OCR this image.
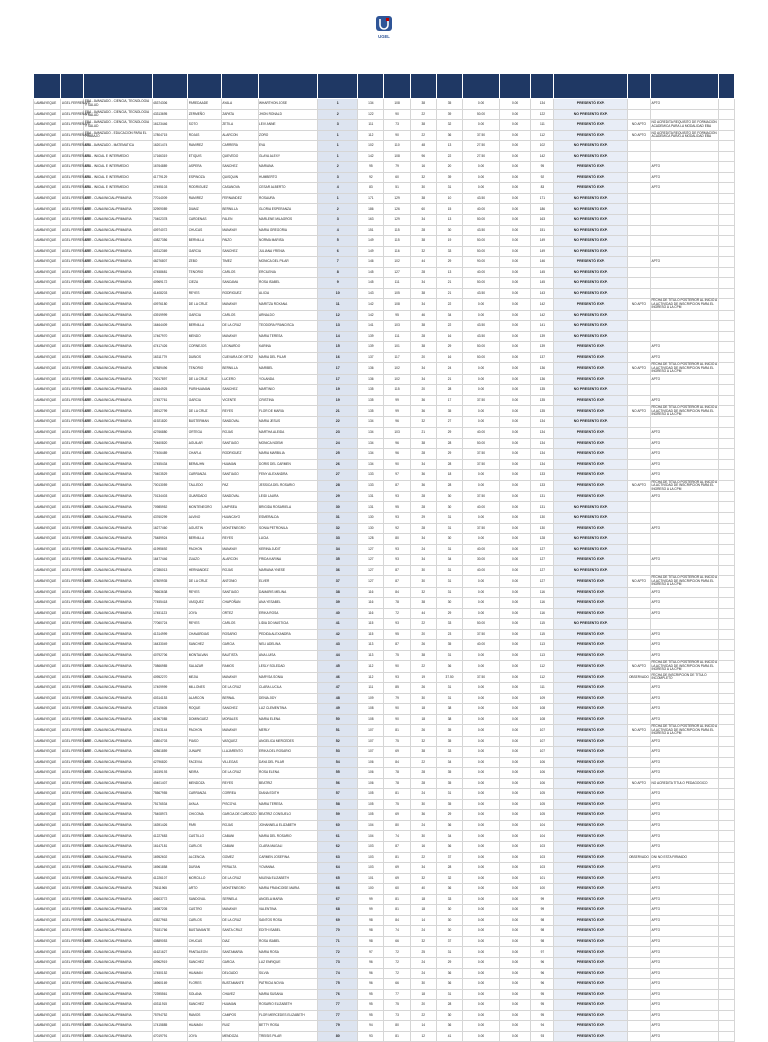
UGEL

LAMBAYEQUE	UGEL FERREÑAFE	EBA - AVANZADO - CIENCIA, TECNOLOGIA Y SALUD	45374306	PAREDAADE	AYALA	WHARTHON JOSE	1	134	108	38	35	0.00	0.00	134	PRESENTÓ EXP.		APTO	
LAMBAYEQUE	UGEL FERREÑAFE	EBA - AVANZADO - CIENCIA, TECNOLOGIA Y SALUD	43313695	ZERMEÑO	ZAPATA	JHON RONALD	2	122	90	22	39	50.00	0.00	122	NO PRESENTO EXP.			
LAMBAYEQUE	UGEL FERREÑAFE	EBA - AVANZADO - CIENCIA, TECNOLOGIA Y SALUD	16123446	SOTO	ZETILA	LEIV ANNE	3	111	73	38	32	0.00	0.00	111	PRESENTÓ EXP.	NO APTO	NO ACREDITA REQUISITO DE FORMACION ACADEMICA PARA LA MODALIDAD EBA	
LAMBAYEQUE	UGEL FERREÑAFE	EBA - AVANZADO - EDUCACION PARA EL TRABAJO	17804715	ROJAS	ALARCON	ZORO	1	112	90	22	36	37.50	0.00	112	PRESENTÓ EXP.	NO APTO	NO ACREDITA REQUISITO DE FORMACION ACADEMICA PARA LA MODALIDAD EBA	
LAMBAYEQUE	UGEL FERREÑAFE	EBA - AVANZADO - MATEMATICA	16201474	RAMIREZ	CARRERA	EVA	1	102	110	48	13	27.50	0.00	102	NO PRESENTO EXP.			
LAMBAYEQUE	UGEL FERREÑAFE	EBA - INICIAL E INTERMEDIO	17166319	ETIQUIS	QUEVEDO	GLAYA ALEXY	1	142	108	96	22	27.50	0.00	142	NO PRESENTO EXP.			
LAMBAYEQUE	UGEL FERREÑAFE	EBA - INICIAL E INTERMEDIO	16764889	ASPERA	SANCHEZ	MARIANA	2	95	79	16	20	0.00	0.00	95	PRESENTÓ EXP.		APTO	
LAMBAYEQUE	UGEL FERREÑAFE	EBA - INICIAL E INTERMEDIO	41779129	ESPINOZA	QUISQUIN	HUMBERTO	3	92	60	32	39	0.00	0.00	92	PRESENTÓ EXP.		APTO	
LAMBAYEQUE	UGEL FERREÑAFE	EBA - INICIAL E INTERMEDIO	17495103	RODRIGUEZ	CASANOVA	CESAR ALBERTO	4	83	51	30	31	0.00	0.00	83	PRESENTÓ EXP.		APTO	
LAMBAYEQUE	UGEL FERREÑAFE	EBR - CUNA/INICIAL/PRIMARIA	77014009	RAMIREZ	FERNANDEZ	ROSAURA	1	171	129	38	10	43.50	0.00	171	NO PRESENTO EXP.			
LAMBAYEQUE	UGEL FERREÑAFE	EBR - CUNA/INICIAL/PRIMARIA	32909089	DIAMZ	BERNILLA	GLORIA ESPERANZA	2	186	126	60	15	40.00	0.00	186	NO PRESENTO EXP.			
LAMBAYEQUE	UGEL FERREÑAFE	EBR - CUNA/INICIAL/PRIMARIA	70402378	CARDENAS	FALEN	MARLENE MILAGROS	3	163	129	34	13	50.00	0.00	163	NO PRESENTO EXP.			
LAMBAYEQUE	UGEL FERREÑAFE	EBR - CUNA/INICIAL/PRIMARIA	40974072	CHUCAS	MANAYAY	MARIA GREGORIA	4	151	115	28	30	43.50	0.00	151	NO PRESENTO EXP.			
LAMBAYEQUE	UGEL FERREÑAFE	EBR - CUNA/INICIAL/PRIMARIA	40827356	BERNILLA	PAIZO	NORMA MARISA	5	149	115	38	19	50.00	0.00	149	NO PRESENTO EXP.			
LAMBAYEQUE	UGEL FERREÑAFE	EBR - CUNA/INICIAL/PRIMARIA	40312369	GARCIA	SANCHEZ	JULIANA YRENIA	6	149	116	32	33	50.00	0.00	149	NO PRESENTO EXP.			
LAMBAYEQUE	UGEL FERREÑAFE	EBR - CUNA/INICIAL/PRIMARIA	46276807	ZEBO	TIMEZ	MONICA DEL PILAR	7	146	102	44	29	90.00	0.00	146	PRESENTÓ EXP.		APTO	
LAMBAYEQUE	UGEL FERREÑAFE	EBR - CUNA/INICIAL/PRIMARIA	47458681	TENORIO	CARLOS	ERCILENIA	8	145	127	28	13	40.00	0.00	145	NO PRESENTO EXP.			
LAMBAYEQUE	UGEL FERREÑAFE	EBR - CUNA/INICIAL/PRIMARIA	40969172	CIEZA	SANCAMA	ROSA ISABEL	9	145	111	34	21	50.00	0.00	145	NO PRESENTO EXP.			
LAMBAYEQUE	UGEL FERREÑAFE	EBR - CUNA/INICIAL/PRIMARIA	41408203	REYES	RODRIGUEZ	ALICIA	10	143	105	38	21	43.50	0.00	143	NO PRESENTO EXP.			
LAMBAYEQUE	UGEL FERREÑAFE	EBR - CUNA/INICIAL/PRIMARIA	40976180	DE LA CRUZ	MANAYAY	MARITZA ROXANA	11	142	108	34	22	0.00	0.00	142	PRESENTÓ EXP.	NO APTO	FECHA DE TITULO POSTERIOR AL INICIO A LA ACTIVIDAD DE INSCRIPCION PARA EL INGRESO A LA CPM	
LAMBAYEQUE	UGEL FERREÑAFE	EBR - CUNA/INICIAL/PRIMARIA	43919999	GARCIA	CARLOS	ARNALDO	12	142	95	46	34	0.00	0.00	142	NO PRESENTO EXP.			
LAMBAYEQUE	UGEL FERREÑAFE	EBR - CUNA/INICIAL/PRIMARIA	16464409	BERNILLA	DE LA CRUZ	TEODORA FRANCISCA	13	141	103	38	22	43.50	0.00	141	NO PRESENTO EXP.			
LAMBAYEQUE	UGEL FERREÑAFE	EBR - CUNA/INICIAL/PRIMARIA	17467970	MENDO	MANAYAY	MARIA TERESA	14	139	111	28	16	43.50	0.00	139	NO PRESENTO EXP.			
LAMBAYEQUE	UGEL FERREÑAFE	EBR - CUNA/INICIAL/PRIMARIA	47417426	CORNEJOS	LEONARDO	KARINA	15	139	101	38	29	50.00	0.00	139	PRESENTÓ EXP.		APTO	
LAMBAYEQUE	UGEL FERREÑAFE	EBR - CUNA/INICIAL/PRIMARIA	16311779	DUBIOS	CUEVARA DE ORTIZ	MARIA DEL PILAR	16	137	117	20	16	50.00	0.00	137	PRESENTÓ EXP.		APTO	
LAMBAYEQUE	UGEL FERREÑAFE	EBR - CUNA/INICIAL/PRIMARIA	67889496	TENORIO	BERNILLA	MARIBEL	17	136	102	34	24	0.00	0.00	136	PRESENTÓ EXP.	NO APTO	FECHA DE TITULO POSTERIOR AL INICIO A LA ACTIVIDAD DE INSCRIPCION PARA EL INGRESO A LA CPM	
LAMBAYEQUE	UGEL FERREÑAFE	EBR - CUNA/INICIAL/PRIMARIA	70017897	DE LA CRUZ	LUCERO	YOLANDA	17	136	102	34	21	0.00	0.00	136	PRESENTÓ EXP.		APTO	
LAMBAYEQUE	UGEL FERREÑAFE	EBR - CUNA/INICIAL/PRIMARIA	40464925	PURIHUAMAN	SANCHEZ	MARTINIO	19	135	115	20	28	0.00	0.00	135	NO PRESENTO EXP.			
LAMBAYEQUE	UGEL FERREÑAFE	EBR - CUNA/INICIAL/PRIMARIA	17457761	GARCIA	VICENTE	CRISTINA	19	135	99	36	17	37.50	0.00	135	PRESENTÓ EXP.		APTO	
LAMBAYEQUE	UGEL FERREÑAFE	EBR - CUNA/INICIAL/PRIMARIA	15912799	DE LA CRUZ	REYES	FLOR DE MARIA	21	135	99	36	35	0.00	0.00	135	PRESENTÓ EXP.	NO APTO	FECHA DE TITULO POSTERIOR AL INICIO A LA ACTIVIDAD DE INSCRIPCION PARA EL INGRESO A LA CPM	
LAMBAYEQUE	UGEL FERREÑAFE	EBR - CUNA/INICIAL/PRIMARIA	41921820	BUSTERMAN	SANDOVAL	MARIA JESUS	22	134	96	32	27	0.00	0.00	134	NO PRESENTO EXP.			
LAMBAYEQUE	UGEL FERREÑAFE	EBR - CUNA/INICIAL/PRIMARIA	42766880	ORTEGA	ROJAS	MARTHA ALEIDA	23	134	103	21	29	40.00	0.00	134	PRESENTÓ EXP.		APTO	
LAMBAYEQUE	UGEL FERREÑAFE	EBR - CUNA/INICIAL/PRIMARIA	72460820	AGUILAR	SANTIAGO	MONICA NOEMI	24	134	96	38	28	50.00	0.00	134	PRESENTÓ EXP.		APTO	
LAMBAYEQUE	UGEL FERREÑAFE	EBR - CUNA/INICIAL/PRIMARIA	77406489	CHAFLA	RODRIGUEZ	MARIA MARBILIA	25	134	96	28	29	37.50	0.00	134	PRESENTÓ EXP.		APTO	
LAMBAYEQUE	UGEL FERREÑAFE	EBR - CUNA/INICIAL/PRIMARIA	17455434	BERAUHN	HUAMAN	DORIS DEL CARMEN	26	134	90	34	28	37.50	0.00	134	PRESENTÓ EXP.		APTO	
LAMBAYEQUE	UGEL FERREÑAFE	EBR - CUNA/INICIAL/PRIMARIA	70403529	CARRANZA	SANTIAGO	FENY ALEXANDRA	27	133	97	36	18	0.00	0.00	133	PRESENTÓ EXP.		APTO	
LAMBAYEQUE	UGEL FERREÑAFE	EBR - CUNA/INICIAL/PRIMARIA	70013059	TALLEDO	PAZ	JESSICA DEL ROSARIO	28	133	87	36	28	0.00	0.00	133	PRESENTÓ EXP.	NO APTO	FECHA DE TITULO POSTERIOR AL INICIO A LA ACTIVIDAD DE INSCRIPCION PARA EL INGRESO A LA CPM	
LAMBAYEQUE	UGEL FERREÑAFE	EBR - CUNA/INICIAL/PRIMARIA	70134403	GUARDADO	SANDOVAL	LEIDI LAURA	29	131	93	28	30	37.50	0.00	131	PRESENTÓ EXP.		APTO	
LAMBAYEQUE	UGEL FERREÑAFE	EBR - CUNA/INICIAL/PRIMARIA	70985952	MONTENEGRO	LIMPISEA	BRIGIDA ROSARIELA	30	131	95	28	30	40.00	0.00	131	NO PRESENTO EXP.			
LAMBAYEQUE	UGEL FERREÑAFE	EBR - CUNA/INICIAL/PRIMARIA	43760299	ALVINO	HUANCAYO	ESMERALDA	31	130	93	29	31	0.00	0.00	130	NO PRESENTO EXP.			
LAMBAYEQUE	UGEL FERREÑAFE	EBR - CUNA/INICIAL/PRIMARIA	16277460	AGUSTIN	MONTENEGRO	SONIA PETRONILA	32	130	92	28	31	37.50	0.00	130	PRESENTÓ EXP.		APTO	
LAMBAYEQUE	UGEL FERREÑAFE	EBR - CUNA/INICIAL/PRIMARIA	75489924	BERNILLA	REYES	LUCIA	33	128	80	34	30	0.00	0.00	128	NO PRESENTO EXP.			
LAMBAYEQUE	UGEL FERREÑAFE	EBR - CUNA/INICIAL/PRIMARIA	41995692	PACHON	MANAYAY	KERINA JUDIT	34	127	93	24	31	40.00	0.00	127	NO PRESENTO EXP.			
LAMBAYEQUE	UGEL FERREÑAFE	EBR - CUNA/INICIAL/PRIMARIA	16477446	ZUAZO	ALARCON	FRIDA KARINA	35	127	93	34	34	30.00	0.00	127	PRESENTÓ EXP.		APTO	
LAMBAYEQUE	UGEL FERREÑAFE	EBR - CUNA/INICIAL/PRIMARIA	47286013	HERNANDEZ	ROJAS	MARIANA YNESE	36	127	87	30	31	40.00	0.00	127	NO PRESENTO EXP.			
LAMBAYEQUE	UGEL FERREÑAFE	EBR - CUNA/INICIAL/PRIMARIA	47809935	DE LA CRUZ	ANTONIO	ELVER	37	127	87	30	31	0.00	0.00	127	PRESENTÓ EXP.	NO APTO	FECHA DE TITULO POSTERIOR AL INICIO A LA ACTIVIDAD DE INSCRIPCION PARA EL INGRESO A LA CPM	
LAMBAYEQUE	UGEL FERREÑAFE	EBR - CUNA/INICIAL/PRIMARIA	75663638	REYES	SANTIAGO	DAMARIS MELINA	38	116	84	32	31	0.00	0.00	116	PRESENTÓ EXP.		APTO	
LAMBAYEQUE	UGEL FERREÑAFE	EBR - CUNA/INICIAL/PRIMARIA	77455418	VASQUEZ	CHAPOÑAN	ANA YESABEL	39	116	78	38	30	0.00	0.00	116	PRESENTÓ EXP.		APTO	
LAMBAYEQUE	UGEL FERREÑAFE	EBR - CUNA/INICIAL/PRIMARIA	17451123	JOYA	ORTEZ	ERIKA ROSA	40	116	72	44	29	0.00	0.00	116	PRESENTÓ EXP.		APTO	
LAMBAYEQUE	UGEL FERREÑAFE	EBR - CUNA/INICIAL/PRIMARIA	77060724	REYES	CARLOS	LIDIA DO MASTICIA	41	115	93	22	33	50.00	0.00	115	NO PRESENTO EXP.			
LAMBAYEQUE	UGEL FERREÑAFE	EBR - CUNA/INICIAL/PRIMARIA	41314999	CHAVARDIAS	ROSARIO	PEDIDA ALEXANDRA	42	115	95	20	23	37.50	0.00	115	PRESENTÓ EXP.		APTO	
LAMBAYEQUE	UGEL FERREÑAFE	EBR - CUNA/INICIAL/PRIMARIA	16433049	SANCHEZ	GARCIA	NELI ADELINA	43	113	87	26	35	40.00	0.00	113	PRESENTÓ EXP.		APTO	
LAMBAYEQUE	UGEL FERREÑAFE	EBR - CUNA/INICIAL/PRIMARIA	40792706	MONTALVAN	BAUTISTA	ANA LUISA	44	113	75	38	31	0.00	0.00	113	PRESENTÓ EXP.		APTO	
LAMBAYEQUE	UGEL FERREÑAFE	EBR - CUNA/INICIAL/PRIMARIA	70866985	SALAZAR	RAMOS	LESLY SOLEDAD	45	112	90	22	36	0.00	0.00	112	PRESENTÓ EXP.	NO APTO	FECHA DE TITULO POSTERIOR AL INICIO A LA ACTIVIDAD DE INSCRIPCION PARA EL INGRESO A LA CPM	
LAMBAYEQUE	UGEL FERREÑAFE	EBR - CUNA/INICIAL/PRIMARIA	40952270	MEJIA	MANAYAY	MARYSA SONIA	46	112	93	19	37.50	37.50	0.00	112	PRESENTÓ EXP.	OBSERVADO	FECHA DE INSCRIPCION DE TITULO INCOMPLETO	
LAMBAYEQUE	UGEL FERREÑAFE	EBR - CUNA/INICIAL/PRIMARIA	17409999	MILLONES	DE LA CRUZ	CLARA LUCILA	47	111	85	26	31	0.00	0.00	111	PRESENTÓ EXP.		APTO	
LAMBAYEQUE	UGEL FERREÑAFE	EBR - CUNA/INICIAL/PRIMARIA	40314153	ALARCON	BERNAL	DENIA JIDY	48	109	79	30	31	0.00	0.00	109	PRESENTÓ EXP.		APTO	
LAMBAYEQUE	UGEL FERREÑAFE	EBR - CUNA/INICIAL/PRIMARIA	47315605	ROQUE	SANCHEZ	LUZ CLEMENTINA	49	108	90	18	38	0.00	0.00	108	PRESENTÓ EXP.		APTO	
LAMBAYEQUE	UGEL FERREÑAFE	EBR - CUNA/INICIAL/PRIMARIA	41967085	DOMINGUEZ	MORALES	MARIA ELENA	50	108	90	18	38	0.00	0.00	108	PRESENTÓ EXP.		APTO	
LAMBAYEQUE	UGEL FERREÑAFE	EBR - CUNA/INICIAL/PRIMARIA	17463144	PACHON	MANAYAY	MERLY	51	107	81	26	35	0.00	0.00	107	PRESENTÓ EXP.	NO APTO	FECHA DE TITULO POSTERIOR AL INICIO A LA ACTIVIDAD DE INSCRIPCION PARA EL INGRESO A LA CPM	
LAMBAYEQUE	UGEL FERREÑAFE	EBR - CUNA/INICIAL/PRIMARIA	43804703	PIASO	VASQUEZ	ANGELICA MERCEDES	52	107	75	32	35	0.00	0.00	107	PRESENTÓ EXP.		APTO	
LAMBAYEQUE	UGEL FERREÑAFE	EBR - CUNA/INICIAL/PRIMARIA	42861859	JUNAPE	LLAJARENTO	ERIKA DEL ROSARIO	53	107	69	38	33	0.00	0.00	107	PRESENTÓ EXP.		APTO	
LAMBAYEQUE	UGEL FERREÑAFE	EBR - CUNA/INICIAL/PRIMARIA	42796820	FACEVIA	VILLEGAS	DAYA DEL PILAR	54	106	84	22	34	0.00	0.00	106	PRESENTÓ EXP.		APTO	
LAMBAYEQUE	UGEL FERREÑAFE	EBR - CUNA/INICIAL/PRIMARIA	16159193	NEIRA	DE LA CRUZ	ROSA ELENA	55	106	78	28	35	0.00	0.00	106	PRESENTÓ EXP.		APTO	
LAMBAYEQUE	UGEL FERREÑAFE	EBR - CUNA/INICIAL/PRIMARIA	40401407	MENDOZA	REYES	BEATRIZ	56	106	78	28	35	0.00	0.00	106	PRESENTÓ EXP.	NO APTO	NO ACREDITA TITULO PEDAGOGICO	
LAMBAYEQUE	UGEL FERREÑAFE	EBR - CUNA/INICIAL/PRIMARIA	75567955	CARRANZA	CORREA	DIANA EDITH	57	105	81	24	31	0.00	0.00	105	PRESENTÓ EXP.		APTO	
LAMBAYEQUE	UGEL FERREÑAFE	EBR - CUNA/INICIAL/PRIMARIA	75176534	AYALA	PISCOYA	MARIA TERESA	58	105	75	30	35	0.00	0.00	105	PRESENTÓ EXP.		APTO	
LAMBAYEQUE	UGEL FERREÑAFE	EBR - CUNA/INICIAL/PRIMARIA	75408973	CHICOMA	GARCIA DE CARDOZO	BEATRIZ CONSUELO	59	105	69	36	29	0.00	0.00	105	PRESENTÓ EXP.		APTO	
LAMBAYEQUE	UGEL FERREÑAFE	EBR - CUNA/INICIAL/PRIMARIA	16391426	PARI	ROJAS	JOHANNELA ELIZABETH	60	104	80	24	36	0.00	0.00	104	PRESENTÓ EXP.		APTO	
LAMBAYEQUE	UGEL FERREÑAFE	EBR - CUNA/INICIAL/PRIMARIA	41227683	CASTILLO	CABANI	MARIA DEL ROSARIO	61	104	74	30	34	0.00	0.00	104	PRESENTÓ EXP.		APTO	
LAMBAYEQUE	UGEL FERREÑAFE	EBR - CUNA/INICIAL/PRIMARIA	16147181	CARLOS	CABANI	CLARA MAGALI	62	103	87	16	36	0.00	0.00	103	PRESENTÓ EXP.		APTO	
LAMBAYEQUE	UGEL FERREÑAFE	EBR - CUNA/INICIAL/PRIMARIA	16952602	ALCENCIA	GOMEZ	CARMEN JOSEFINA	63	103	81	22	37	0.00	0.00	103	PRESENTÓ EXP.	OBSERVADO	DNI NO ESTA FIRMADO	
LAMBAYEQUE	UGEL FERREÑAFE	EBR - CUNA/INICIAL/PRIMARIA	16961858	DURAN	PERALTA	YOVANNA	64	103	69	34	28	0.00	0.00	103	PRESENTÓ EXP.		APTO	
LAMBAYEQUE	UGEL FERREÑAFE	EBR - CUNA/INICIAL/PRIMARIA	41226107	MORCILLO	DE LA CRUZ	MILENA ELIZABETH	65	101	69	32	32	0.00	0.00	101	PRESENTÓ EXP.		APTO	
LAMBAYEQUE	UGEL FERREÑAFE	EBR - CUNA/INICIAL/PRIMARIA	75611965	ARTO	MONTENEGRO	MARIA FRANCOISE MARIA	66	100	60	40	36	0.00	0.00	100	PRESENTÓ EXP.		APTO	
LAMBAYEQUE	UGEL FERREÑAFE	EBR - CUNA/INICIAL/PRIMARIA	40603772	SANDOVAL	SERNELA	ANGELA MARIA	67	99	81	18	33	0.00	0.00	99	PRESENTÓ EXP.		APTO	
LAMBAYEQUE	UGEL FERREÑAFE	EBR - CUNA/INICIAL/PRIMARIA	16987205	CASTRO	MANAYAY	VALENTINA	68	99	81	18	30	0.00	0.00	99	PRESENTÓ EXP.		APTO	
LAMBAYEQUE	UGEL FERREÑAFE	EBR - CUNA/INICIAL/PRIMARIA	43527963	CARLOS	DE LA CRUZ	SANTOS ROSA	69	98	84	14	30	0.00	0.00	98	PRESENTÓ EXP.		APTO	
LAMBAYEQUE	UGEL FERREÑAFE	EBR - CUNA/INICIAL/PRIMARIA	75181766	BUSTAMANTE	SANTA CRUZ	EDITH ISABEL	70	98	74	24	30	0.00	0.00	98	PRESENTÓ EXP.		APTO	
LAMBAYEQUE	UGEL FERREÑAFE	EBR - CUNA/INICIAL/PRIMARIA	40889053	CHUCAS	DIAZ	ROSA ISABEL	71	98	66	32	37	0.00	0.00	98	PRESENTÓ EXP.		APTO	
LAMBAYEQUE	UGEL FERREÑAFE	EBR - CUNA/INICIAL/PRIMARIA	41621627	PANTALEON	SANTAMARIA	MARIA ROSA	72	97	72	25	31	0.00	0.00	97	PRESENTÓ EXP.		APTO	
LAMBAYEQUE	UGEL FERREÑAFE	EBR - CUNA/INICIAL/PRIMARIA	40962919	SANCHEZ	GARCIA	LUZ ENRIQUE	73	96	72	24	29	0.00	0.00	96	PRESENTÓ EXP.		APTO	
LAMBAYEQUE	UGEL FERREÑAFE	EBR - CUNA/INICIAL/PRIMARIA	17450152	HUAMAN	DELGADO	SILVIA	74	96	72	24	36	0.00	0.00	96	PRESENTÓ EXP.		APTO	
LAMBAYEQUE	UGEL FERREÑAFE	EBR - CUNA/INICIAL/PRIMARIA	16960169	FLORES	BUSTAMANTE	PATRICIA NOVIA	75	96	66	30	36	0.00	0.00	96	PRESENTÓ EXP.		APTO	
LAMBAYEQUE	UGEL FERREÑAFE	EBR - CUNA/INICIAL/PRIMARIA	72395561	SOLANA	CHAVEZ	MARIA SUSANA	76	95	77	18	31	0.00	0.00	95	PRESENTÓ EXP.		APTO	
LAMBAYEQUE	UGEL FERREÑAFE	EBR - CUNA/INICIAL/PRIMARIA	40311915	SANCHEZ	HUAMAN	ROSARIO ELIZABETH	77	95	75	20	28	0.00	0.00	95	PRESENTÓ EXP.		APTO	
LAMBAYEQUE	UGEL FERREÑAFE	EBR - CUNA/INICIAL/PRIMARIA	75794752	RAMOS	CAMPOS	FLOR MERCEDES ELIZABETH	77	95	73	22	30	0.00	0.00	95	PRESENTÓ EXP.		APTO	
LAMBAYEQUE	UGEL FERREÑAFE	EBR - CUNA/INICIAL/PRIMARIA	17415885	HUAMAN	RUIZ	BETTY ROSA	79	94	80	14	36	0.00	0.00	94	PRESENTÓ EXP.		APTO	
LAMBAYEQUE	UGEL FERREÑAFE	EBR - CUNA/INICIAL/PRIMARIA	47019791	JOYA	MENDOZA	TREISIS PILAR	80	93	81	12	41	0.00	0.00	93	PRESENTÓ EXP.		APTO	
